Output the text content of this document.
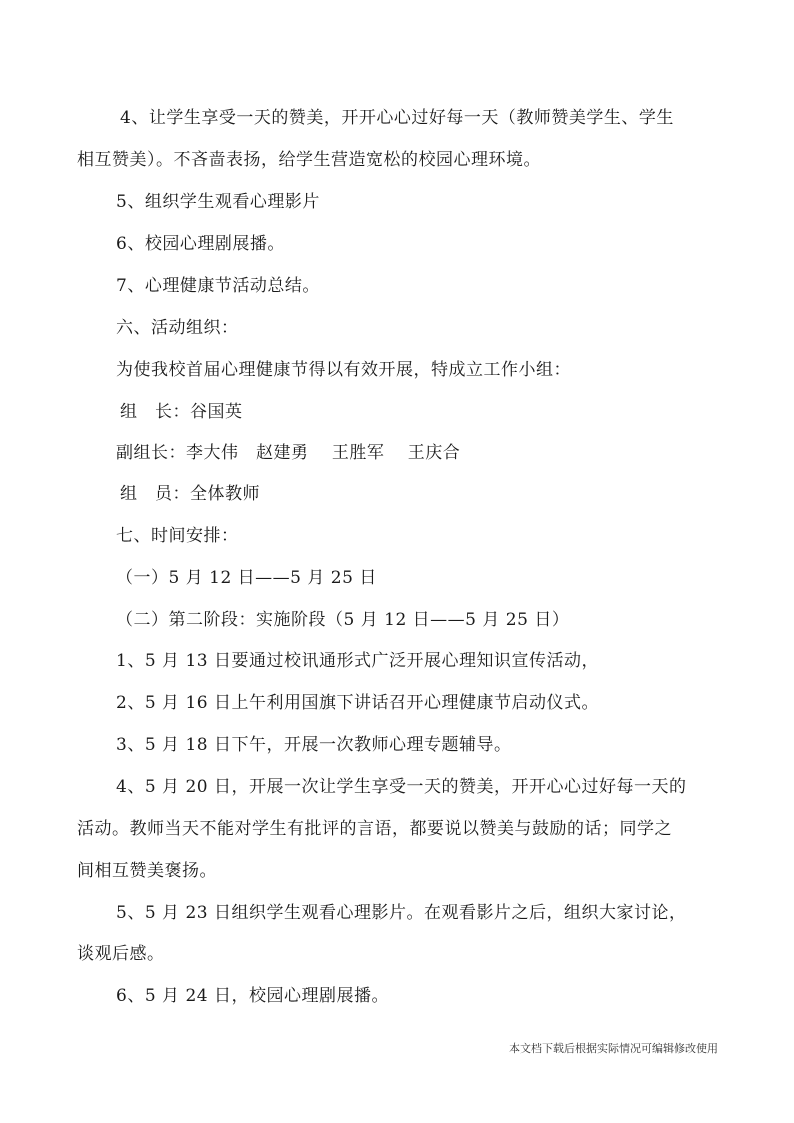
4、让学生享受一天的赞美，开开心心过好每一天（教师赞美学生、学生
相互赞美）。不吝啬表扬，给学生营造宽松的校园心理环境。
5、组织学生观看心理影片
6、校园心理剧展播。
7、心理健康节活动总结。
六、活动组织：
为使我校首届心理健康节得以有效开展，特成立工作小组：
组　长：谷国英
副组长：李大伟　赵建勇　 王胜军　 王庆合
组　员：全体教师
七、时间安排：
（一）5 月 12 日——5 月 25 日
（二）第二阶段：实施阶段（5 月 12 日——5 月 25 日）
1、5 月 13 日要通过校讯通形式广泛开展心理知识宣传活动，
2、5 月 16 日上午利用国旗下讲话召开心理健康节启动仪式。
3、5 月 18 日下午，开展一次教师心理专题辅导。
4、5 月 20 日，开展一次让学生享受一天的赞美，开开心心过好每一天的
活动。教师当天不能对学生有批评的言语，都要说以赞美与鼓励的话；同学之
间相互赞美褒扬。
5、5 月 23 日组织学生观看心理影片。在观看影片之后，组织大家讨论，
谈观后感。
6、5 月 24 日，校园心理剧展播。
本文档下载后根据实际情况可编辑修改使用
